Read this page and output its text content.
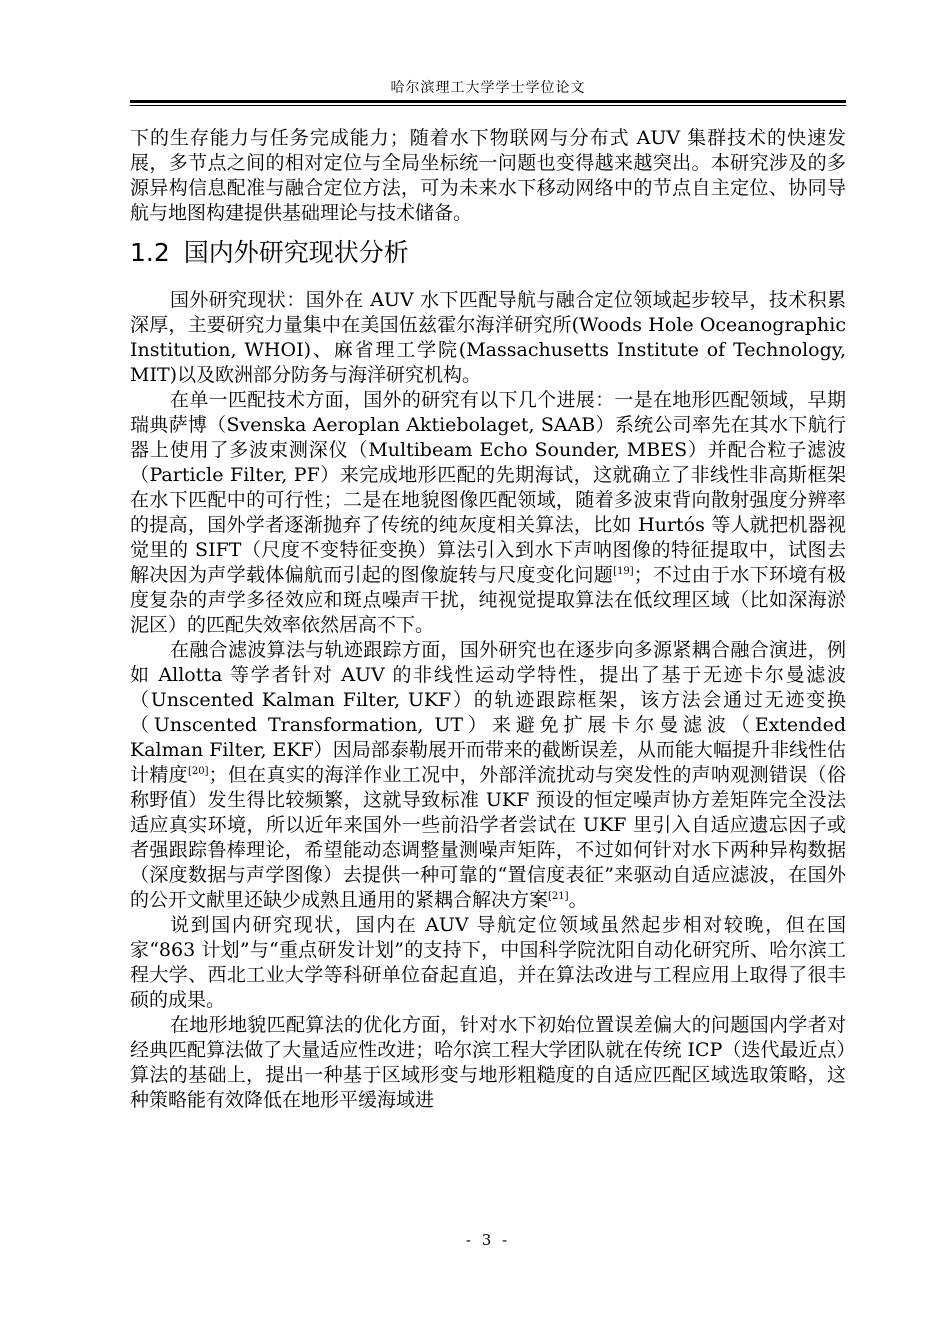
哈尔滨理工大学学士学位论文

下的生存能力与任务完成能力；随着水下物联网与分布式 AUV 集群技术的快速发展，多节点之间的相对定位与全局坐标统一问题也变得越来越突出。本研究涉及的多源异构信息配准与融合定位方法，可为未来水下移动网络中的节点自主定位、协同导航与地图构建提供基础理论与技术储备。

1.2 国内外研究现状分析

国外研究现状：国外在 AUV 水下匹配导航与融合定位领域起步较早，技术积累深厚，主要研究力量集中在美国伍兹霍尔海洋研究所(Woods Hole Oceanographic Institution, WHOI)、麻省理工学院(Massachusetts Institute of Technology, MIT)以及欧洲部分防务与海洋研究机构。

在单一匹配技术方面，国外的研究有以下几个进展：一是在地形匹配领域，早期瑞典萨博（Svenska Aeroplan Aktiebolaget, SAAB）系统公司率先在其水下航行器上使用了多波束测深仪（Multibeam Echo Sounder, MBES）并配合粒子滤波（Particle Filter, PF）来完成地形匹配的先期海试，这就确立了非线性非高斯框架在水下匹配中的可行性；二是在地貌图像匹配领域，随着多波束背向散射强度分辨率的提高，国外学者逐渐抛弃了传统的纯灰度相关算法，比如 Hurtós 等人就把机器视觉里的 SIFT（尺度不变特征变换）算法引入到水下声呐图像的特征提取中，试图去解决因为声学载体偏航而引起的图像旋转与尺度变化问题[19]；不过由于水下环境有极度复杂的声学多径效应和斑点噪声干扰，纯视觉提取算法在低纹理区域（比如深海淤泥区）的匹配失效率依然居高不下。

在融合滤波算法与轨迹跟踪方面，国外研究也在逐步向多源紧耦合融合演进，例如 Allotta 等学者针对 AUV 的非线性运动学特性，提出了基于无迹卡尔曼滤波（Unscented Kalman Filter, UKF）的轨迹跟踪框架，该方法会通过无迹变换（Unscented Transformation, UT）来避免扩展卡尔曼滤波（Extended Kalman Filter, EKF）因局部泰勒展开而带来的截断误差，从而能大幅提升非线性估计精度[20]；但在真实的海洋作业工况中，外部洋流扰动与突发性的声呐观测错误（俗称野值）发生得比较频繁，这就导致标准 UKF 预设的恒定噪声协方差矩阵完全没法适应真实环境，所以近年来国外一些前沿学者尝试在 UKF 里引入自适应遗忘因子或者强跟踪鲁棒理论，希望能动态调整量测噪声矩阵，不过如何针对水下两种异构数据（深度数据与声学图像）去提供一种可靠的“置信度表征”来驱动自适应滤波，在国外的公开文献里还缺少成熟且通用的紧耦合解决方案[21]。

说到国内研究现状，国内在 AUV 导航定位领域虽然起步相对较晚，但在国家“863 计划”与“重点研发计划”的支持下，中国科学院沈阳自动化研究所、哈尔滨工程大学、西北工业大学等科研单位奋起直追，并在算法改进与工程应用上取得了很丰硕的成果。

在地形地貌匹配算法的优化方面，针对水下初始位置误差偏大的问题国内学者对经典匹配算法做了大量适应性改进；哈尔滨工程大学团队就在传统 ICP（迭代最近点）算法的基础上，提出一种基于区域形变与地形粗糙度的自适应匹配区域选取策略，这种策略能有效降低在地形平缓海域进

- 3 -
